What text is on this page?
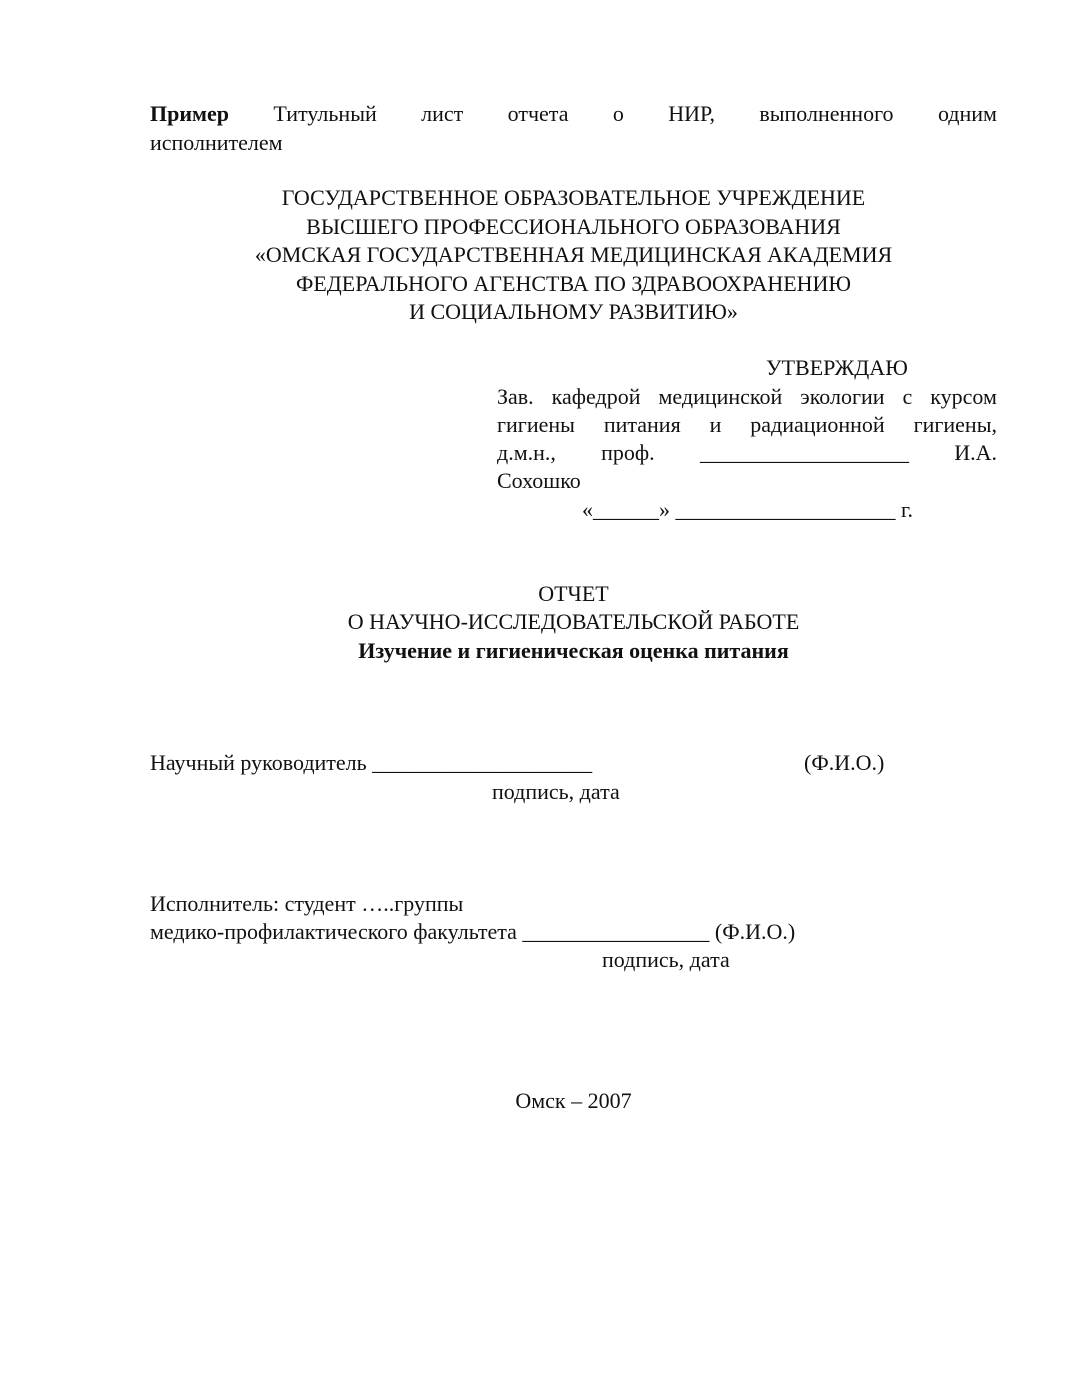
Пример Титульный лист отчета о НИР, выполненного одним
исполнителем
ГОСУДАРСТВЕННОЕ ОБРАЗОВАТЕЛЬНОЕ УЧРЕЖДЕНИЕ
ВЫСШЕГО ПРОФЕССИОНАЛЬНОГО ОБРАЗОВАНИЯ
«ОМСКАЯ ГОСУДАРСТВЕННАЯ МЕДИЦИНСКАЯ АКАДЕМИЯ
ФЕДЕРАЛЬНОГО АГЕНСТВА ПО ЗДРАВООХРАНЕНИЮ
И СОЦИАЛЬНОМУ РАЗВИТИЮ»
УТВЕРЖДАЮ
Зав. кафедрой медицинской экологии с курсом
гигиены питания и радиационной гигиены,
д.м.н., проф. ___________________ И.А.
Сохошко
«______» ____________________ г.
ОТЧЕТ
О НАУЧНО-ИССЛЕДОВАТЕЛЬСКОЙ РАБОТЕ
Изучение и гигиеническая оценка питания
Научный руководитель ____________________	(Ф.И.О.)
подпись, дата
Исполнитель: студент …..группы
медико-профилактического факультета _________________ (Ф.И.О.)
подпись, дата
Омск – 2007
